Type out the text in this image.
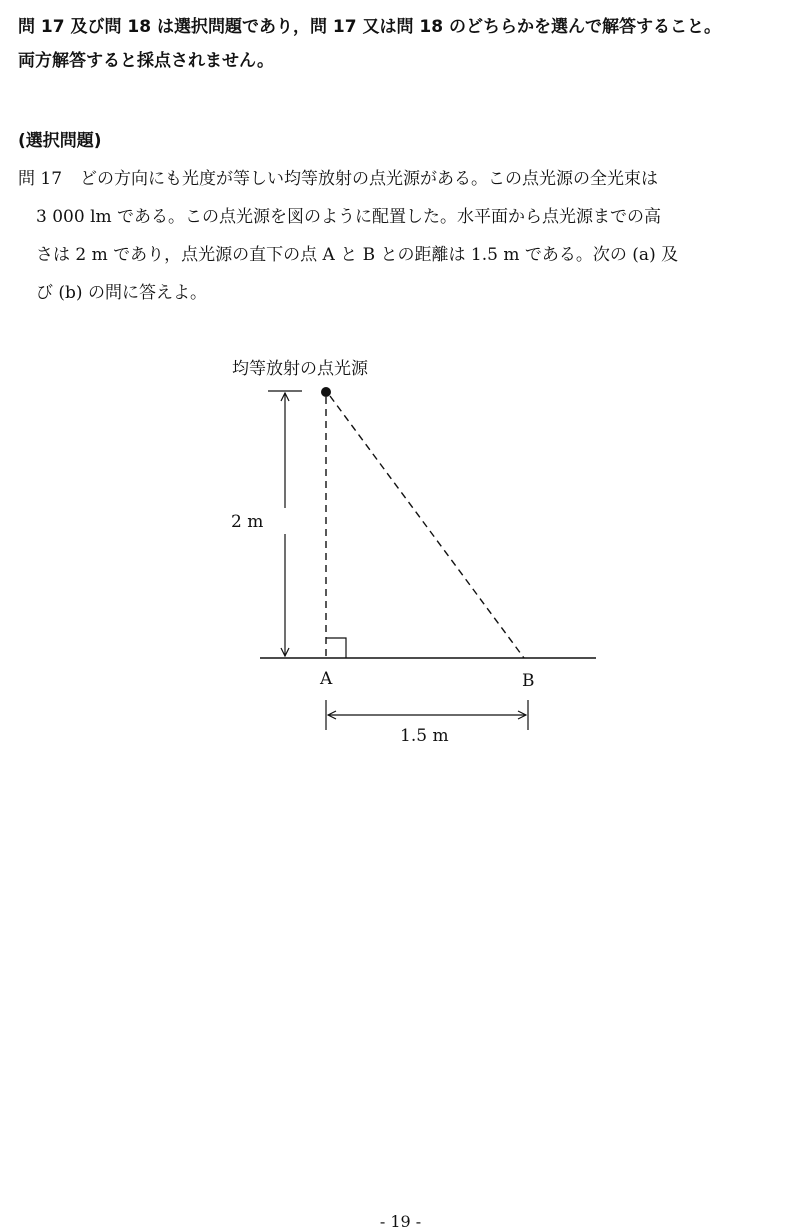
問 17 及び問 18 は選択問題であり，問 17 又は問 18 のどちらかを選んで解答すること。
両方解答すると採点されません。
(選択問題)
問 17 どの方向にも光度が等しい均等放射の点光源がある。この点光源の全光束は
3 000 lm である。この点光源を図のように配置した。水平面から点光源までの高
さは 2 m であり，点光源の直下の点 A と B との距離は 1.5 m である。次の (a) 及
び (b) の問に答えよ。
均等放射の点光源
2 m
A	B
1.5 m
- 19 -
